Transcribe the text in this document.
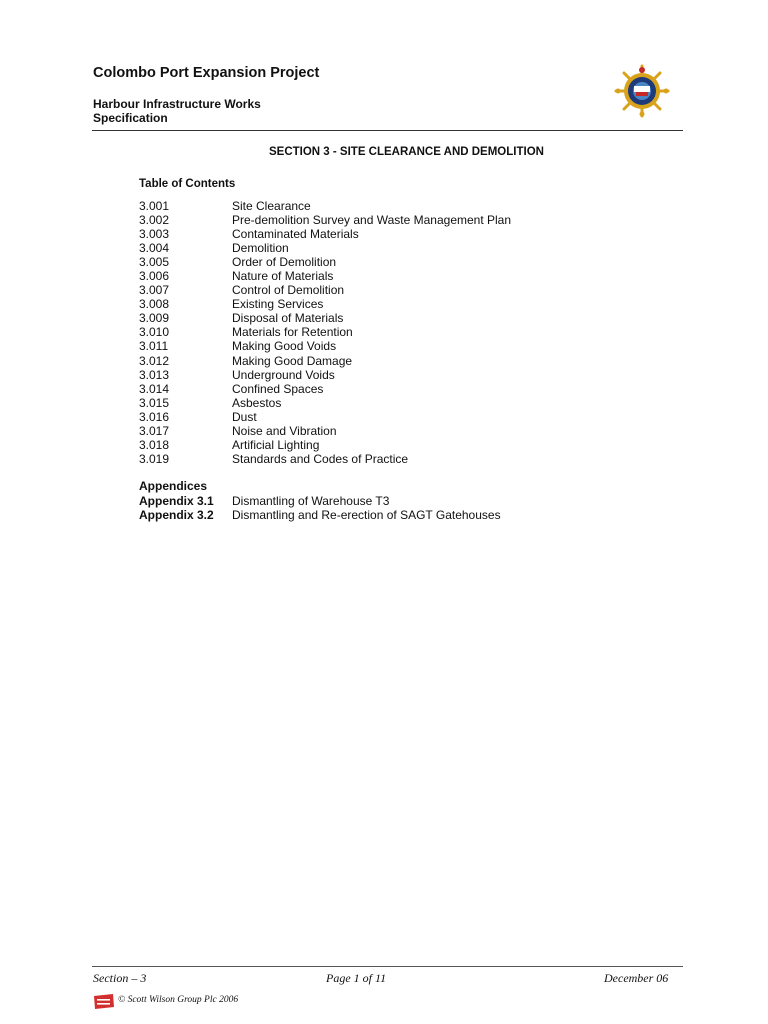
Colombo Port Expansion Project
Harbour Infrastructure Works
Specification
SECTION 3 - SITE CLEARANCE AND DEMOLITION
Table of Contents
3.001	Site Clearance
3.002	Pre-demolition Survey and Waste Management Plan
3.003	Contaminated Materials
3.004	Demolition
3.005	Order of Demolition
3.006	Nature of Materials
3.007	Control of Demolition
3.008	Existing Services
3.009	Disposal of Materials
3.010	Materials for Retention
3.011	Making Good Voids
3.012	Making Good Damage
3.013	Underground Voids
3.014	Confined Spaces
3.015	Asbestos
3.016	Dust
3.017	Noise and Vibration
3.018	Artificial Lighting
3.019	Standards and Codes of Practice
Appendices
Appendix 3.1	Dismantling of Warehouse T3
Appendix 3.2	Dismantling and Re-erection of SAGT Gatehouses
Section – 3	Page 1 of 11	December 06
© Scott Wilson Group Plc 2006
